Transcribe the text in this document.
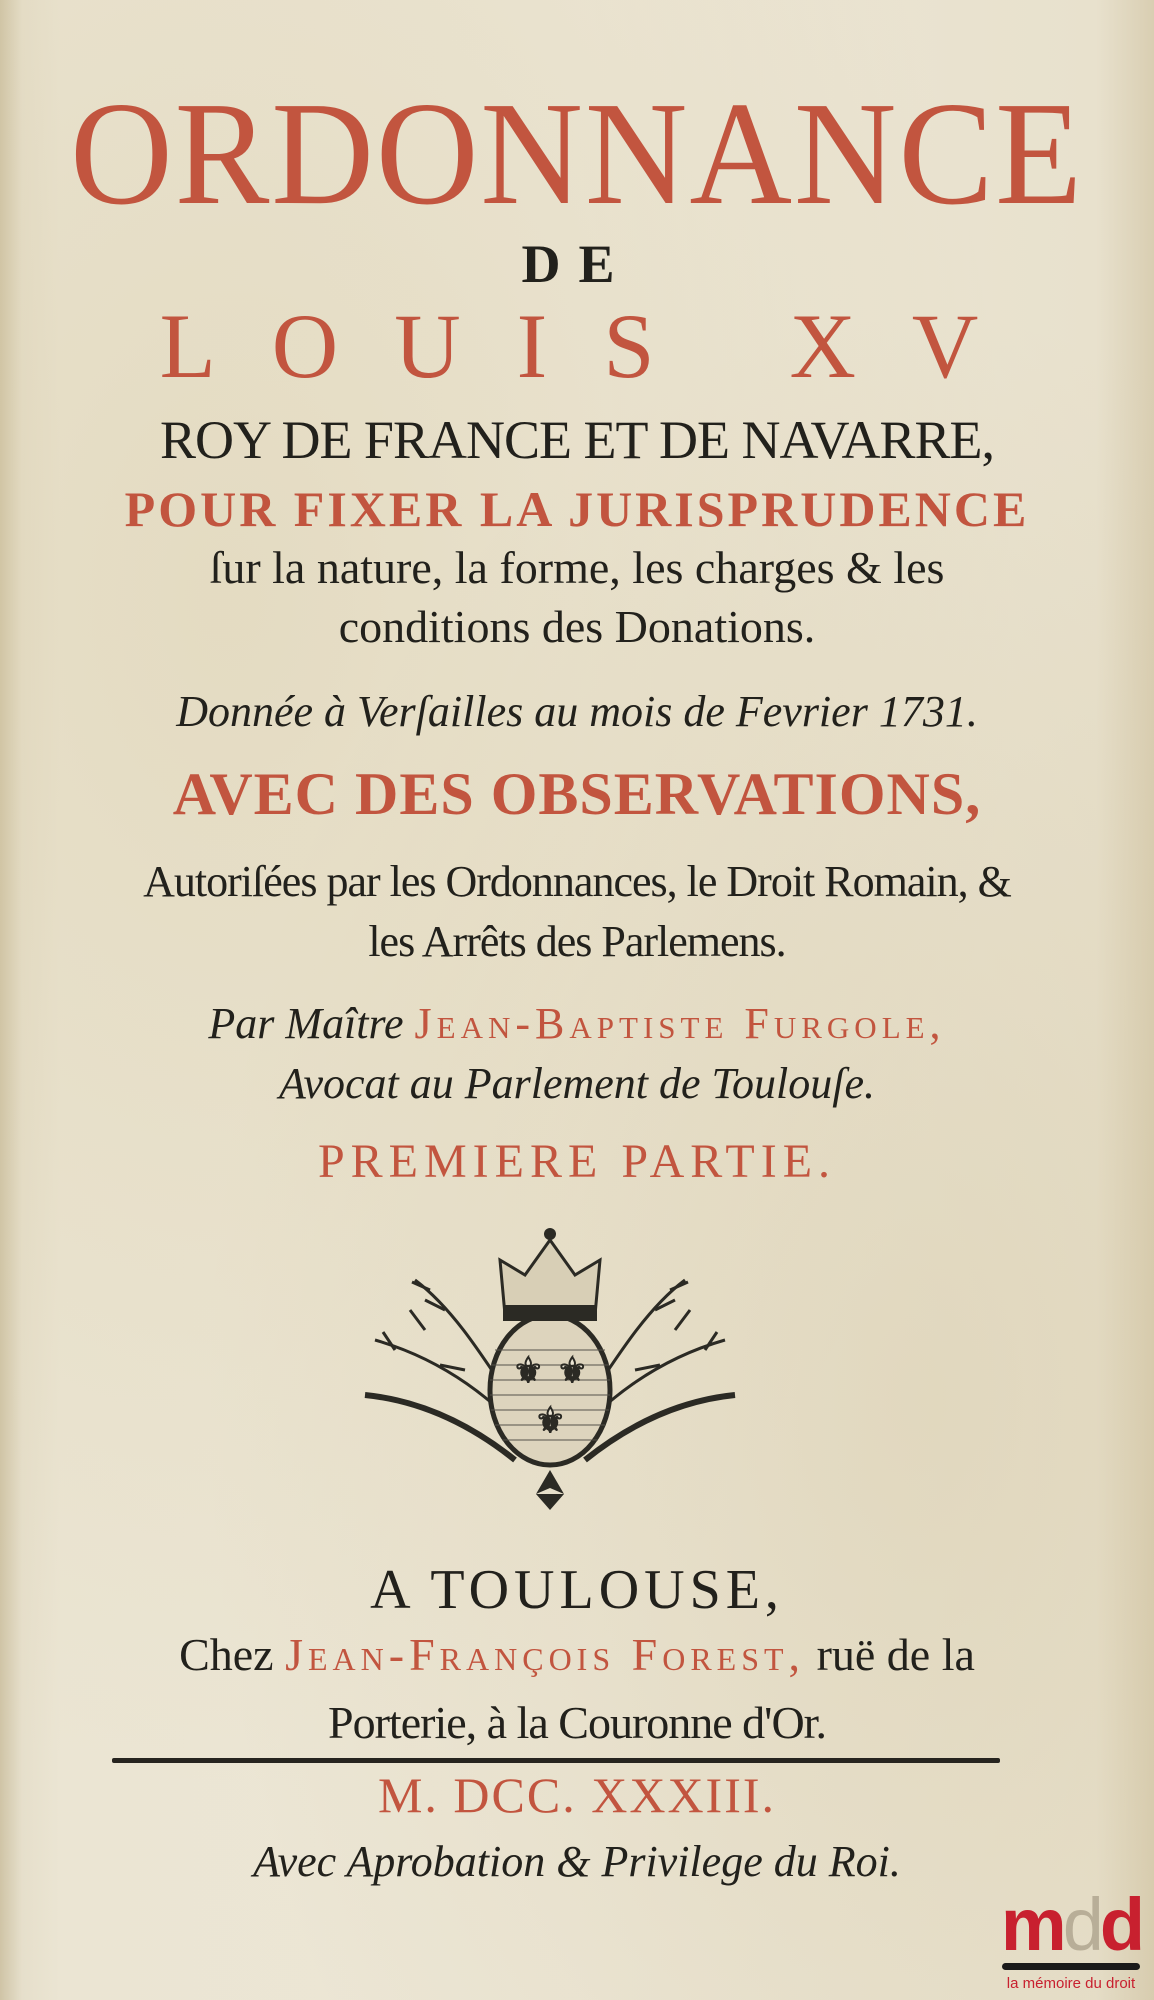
ORDONNANCE
DE
LOUIS XV
ROY DE FRANCE ET DE NAVARRE,
POUR FIXER LA JURISPRUDENCE
ſur la nature, la forme, les charges & les
conditions des Donations.
Donnée à Verſailles au mois de Fevrier 1731.
AVEC DES OBSERVATIONS,
Autoriſées par les Ordonnances, le Droit Romain, &
les Arrêts des Parlemens.
Par Maître Jean-Baptiste Furgole,
Avocat au Parlement de Toulouſe.
PREMIERE PARTIE.
⚜ ⚜
⚜
A TOULOUSE,
Chez Jean-François Forest, ruë de la
Porterie, à la Couronne d'Or.
M. DCC. XXXIII.
Avec Aprobation & Privilege du Roi.
mdd
la mémoire du droit
